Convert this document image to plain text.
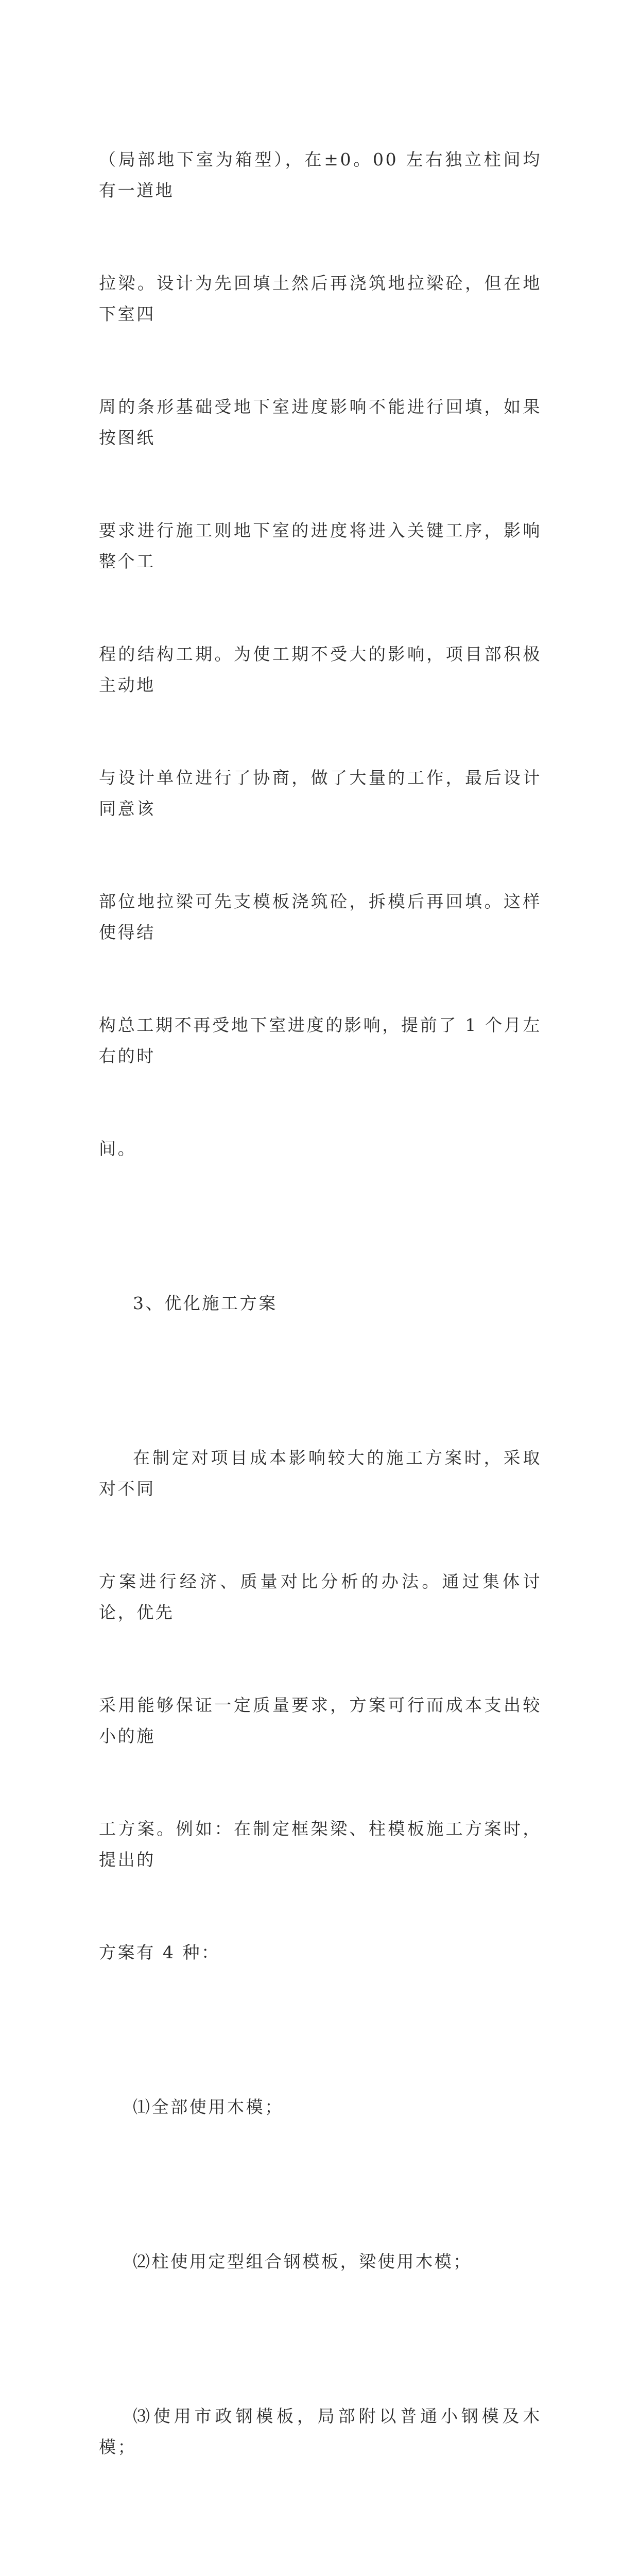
（局部地下室为箱型），在±0。00 左右独立柱间均有一道地

拉梁。设计为先回填土然后再浇筑地拉梁砼，但在地下室四

周的条形基础受地下室进度影响不能进行回填，如果按图纸

要求进行施工则地下室的进度将进入关键工序，影响整个工

程的结构工期。为使工期不受大的影响，项目部积极主动地

与设计单位进行了协商，做了大量的工作，最后设计同意该

部位地拉梁可先支模板浇筑砼，拆模后再回填。这样使得结

构总工期不再受地下室进度的影响，提前了 1 个月左右的时

间。

3、优化施工方案

在制定对项目成本影响较大的施工方案时，采取对不同

方案进行经济、质量对比分析的办法。通过集体讨论，优先

采用能够保证一定质量要求，方案可行而成本支出较小的施

工方案。例如：在制定框架梁、柱模板施工方案时，提出的

方案有 4 种：

⑴全部使用木模；

⑵柱使用定型组合钢模板，梁使用木模；

⑶使用市政钢模板，局部附以普通小钢模及木模；
